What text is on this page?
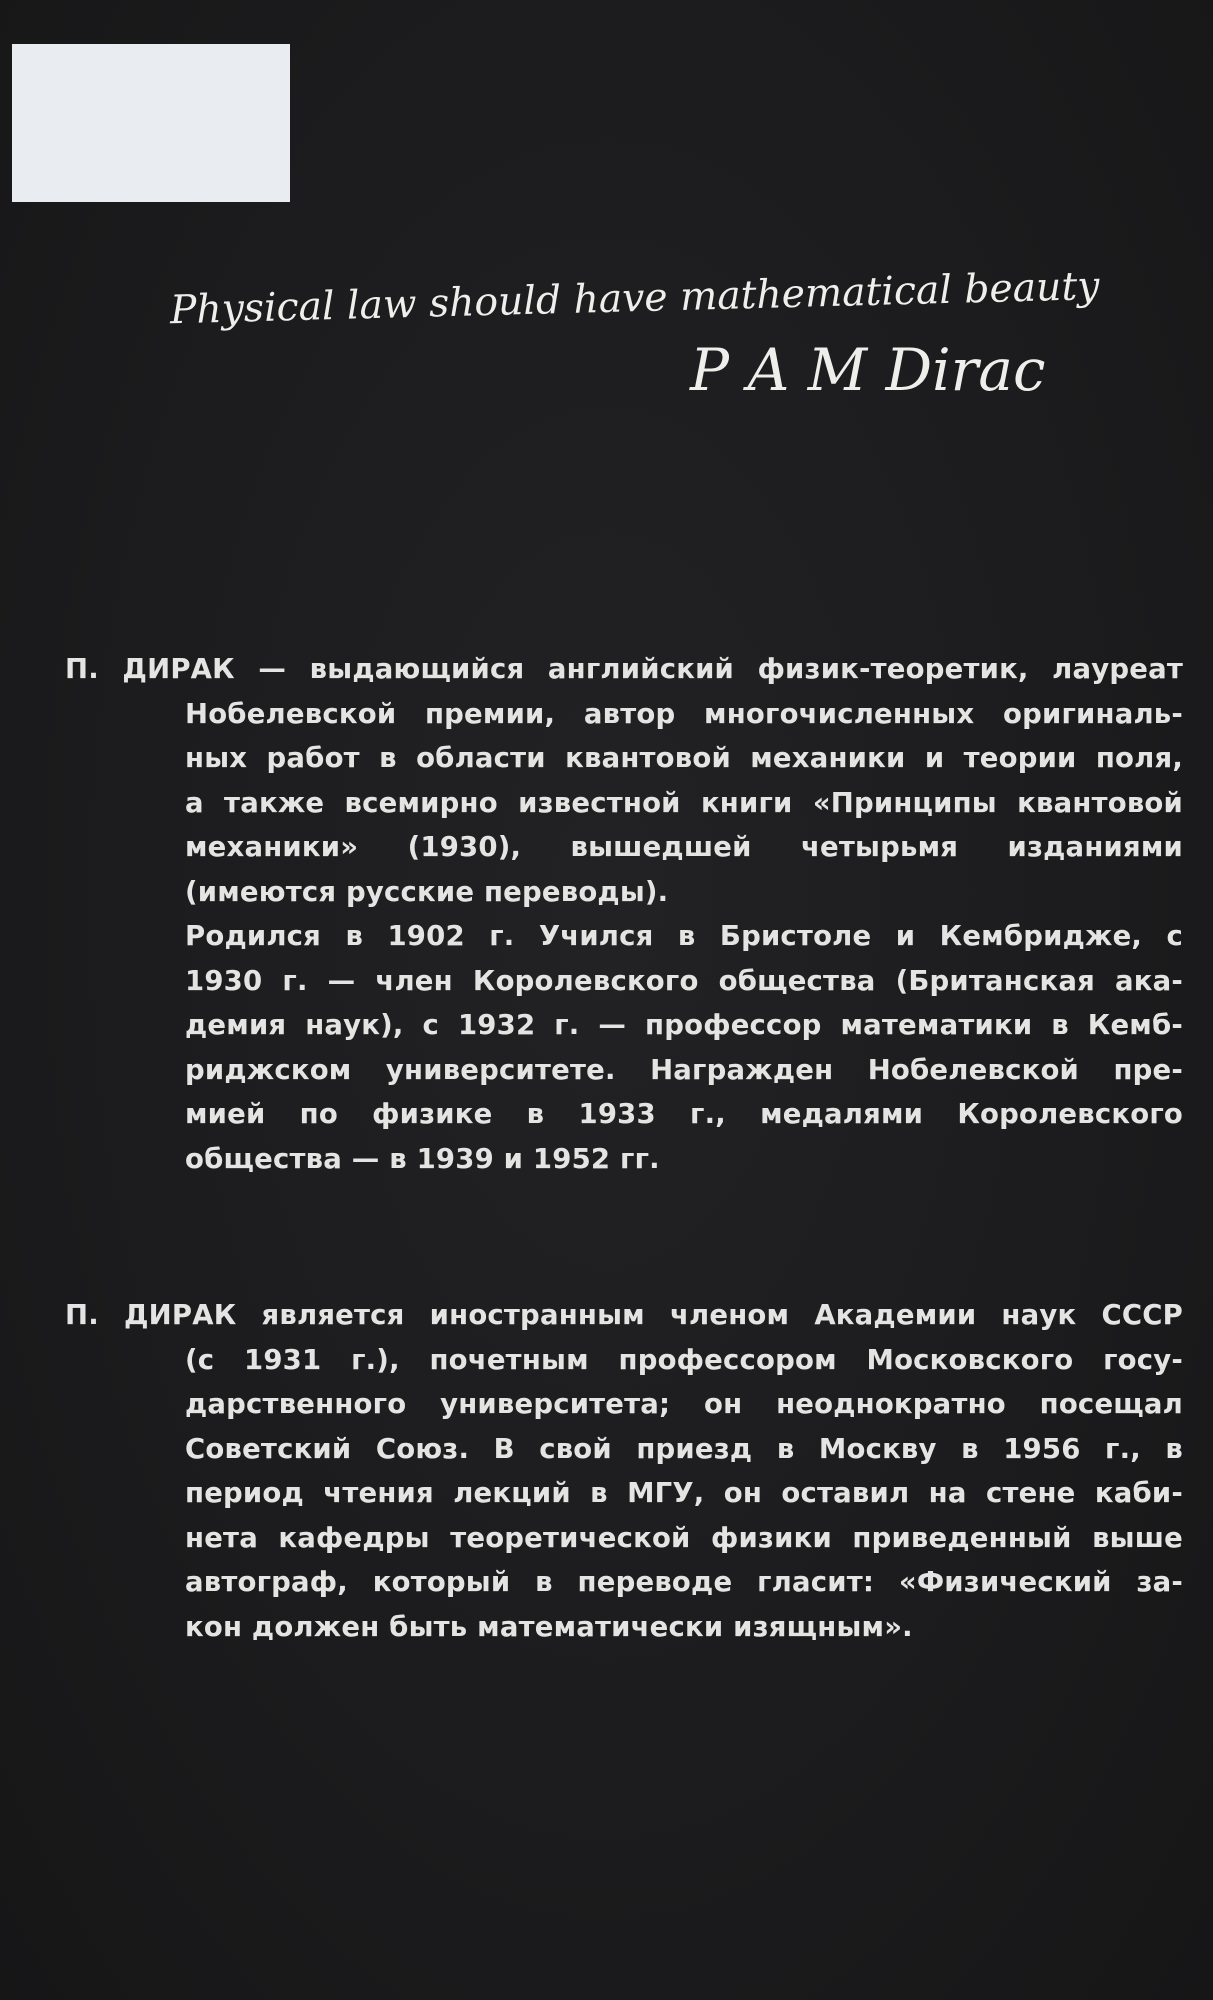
Physical law should have mathematical beauty
P A M Dirac
П. ДИРАК — выдающийся английский физик-теоретик, лауреат
Нобелевской премии, автор многочисленных оригиналь-
ных работ в области квантовой механики и теории поля,
а также всемирно известной книги «Принципы квантовой
механики» (1930), вышедшей четырьмя изданиями
(имеются русские переводы).
Родился в 1902 г. Учился в Бристоле и Кембридже, с
1930 г. — член Королевского общества (Британская ака-
демия наук), с 1932 г. — профессор математики в Кемб-
риджском университете. Награжден Нобелевской пре-
мией по физике в 1933 г., медалями Королевского
общества — в 1939 и 1952 гг.
П. ДИРАК является иностранным членом Академии наук СССР
(с 1931 г.), почетным профессором Московского госу-
дарственного университета; он неоднократно посещал
Советский Союз. В свой приезд в Москву в 1956 г., в
период чтения лекций в МГУ, он оставил на стене каби-
нета кафедры теоретической физики приведенный выше
автограф, который в переводе гласит: «Физический за-
кон должен быть математически изящным».
